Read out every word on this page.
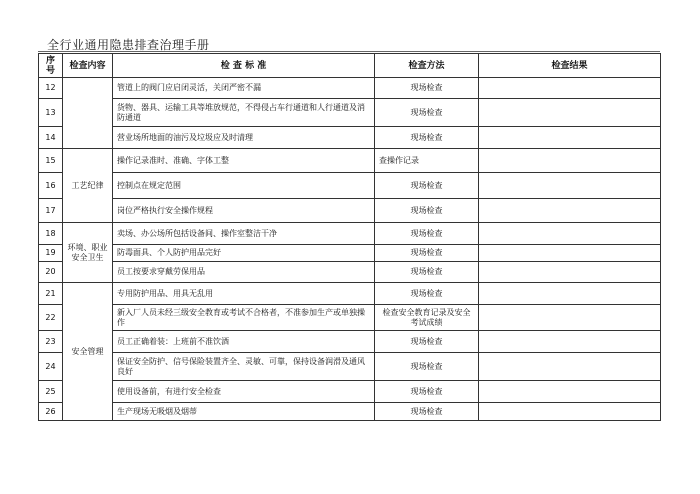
全行业通用隐患排查治理手册
序
号	检查内容	检 查 标 准	检查方法	检查结果
12		管道上的阀门应启闭灵活，关闭严密不漏	现场检查	
13		货物、器具、运输工具等堆放规范，不得侵占车行通道和人行通道及消防通道	现场检查	
14		营业场所地面的油污及垃圾应及时清理	现场检查	
15	工艺纪律	操作记录准时、准确、字体工整	查操作记录	
16		控制点在规定范围	现场检查	
17		岗位严格执行安全操作规程	现场检查	
18	环境、职业安全卫生	卖场、办公场所包括设备间、操作室整洁干净	现场检查	
19		防毒面具、个人防护用品完好	现场检查	
20		员工按要求穿戴劳保用品	现场检查	
21	安全管理	专用防护用品、用具无乱用	现场检查	
22		新入厂人员未经三级安全教育或考试不合格者，不准参加生产或单独操作	检查安全教育记录及安全考试成绩	
23		员工正确着装：上班前不准饮酒	现场检查	
24		保证安全防护、信号保险装置齐全、灵敏、可靠，保持设备润滑及通风良好	现场检查	
25		使用设备前，有进行安全检查	现场检查	
26		生产现场无吸烟及烟蒂	现场检查	
